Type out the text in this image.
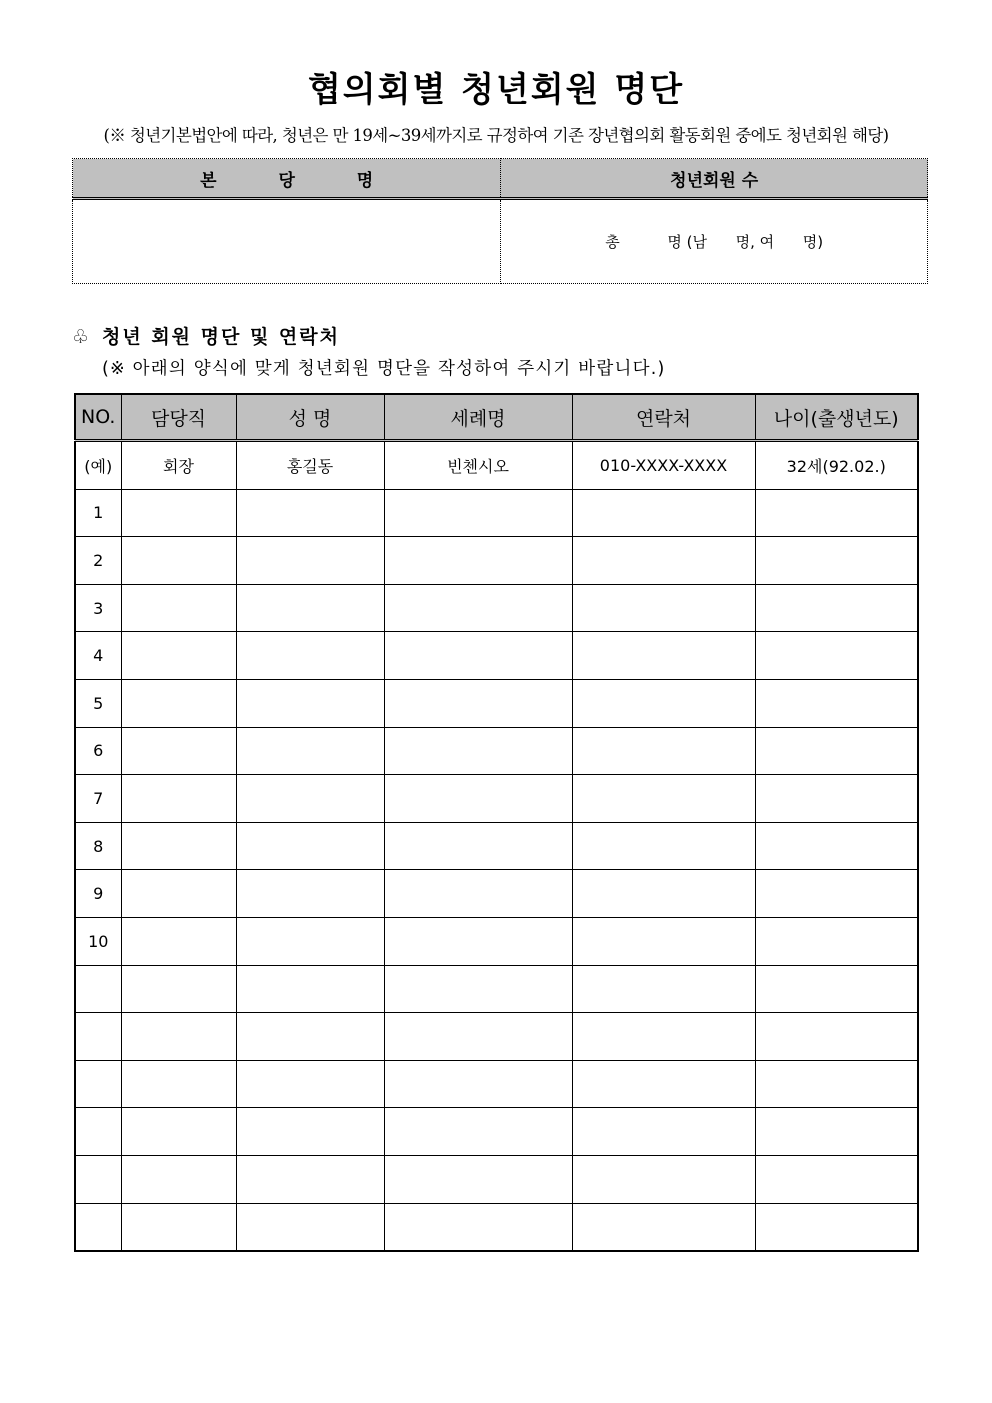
협의회별 청년회원 명단
(※ 청년기본법안에 따라, 청년은 만 19세~39세까지로 규정하여 기존 장년협의회 활동회원 중에도 청년회원 해당)
본 당 명	청년회원 수
	총          명 (남      명, 여      명)
♧ 청년 회원 명단 및 연락처
(※ 아래의 양식에 맞게 청년회원 명단을 작성하여 주시기 바랍니다.)
NO.	담당직	성 명	세례명	연락처	나이(출생년도)
(예)	회장	홍길동	빈첸시오	010-XXXX-XXXX	32세(92.02.)
1					
2					
3					
4					
5					
6					
7					
8					
9					
10					
